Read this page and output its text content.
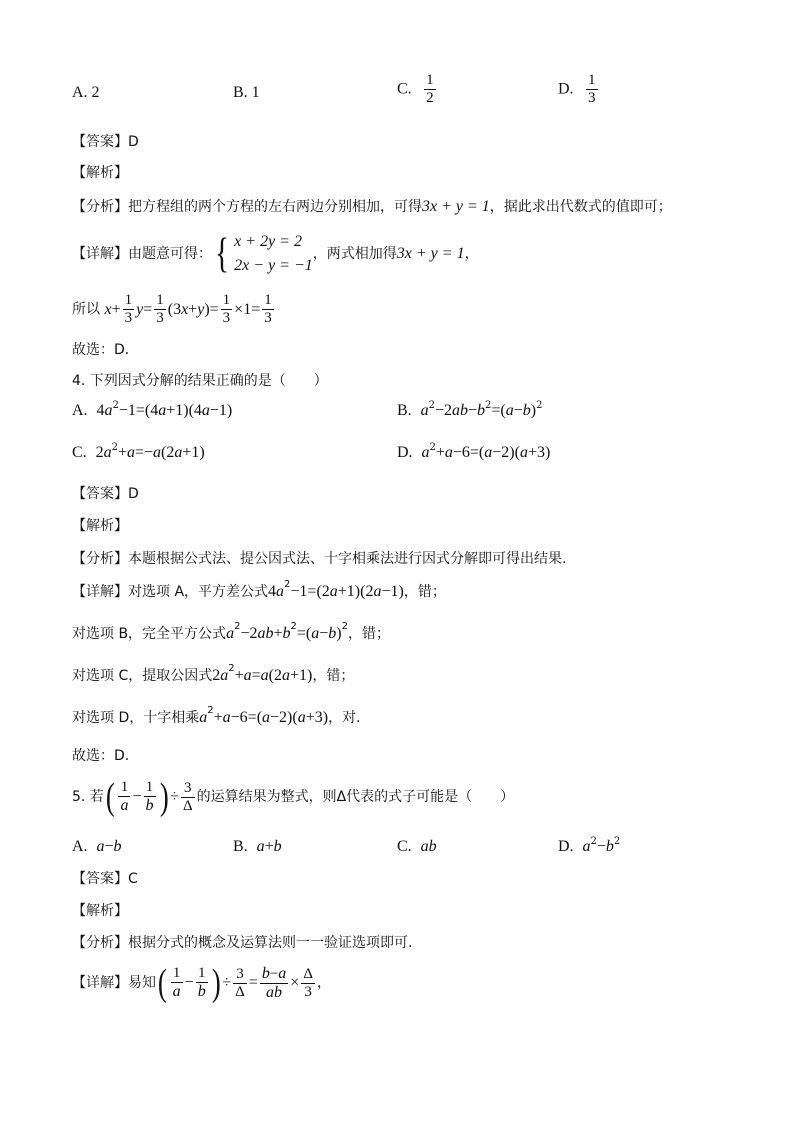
A. 2	B. 1	C. $\frac{1}{2}$	D. $\frac{1}{3}$
【答案】D
【解析】
【分析】把方程组的两个方程的左右两边分别相加，可得3x + y = 1，据此求出代数式的值即可；
【详解】由题意可得：{ x + 2y = 2
2x − y = −1
，两式相加得3x + y = 1，
所以 $x+ \frac{1}{3} y= \frac{1}{3} (3x+y)= \frac{1}{3} \times 1= \frac{1}{3}$
故选：D．
4. 下列因式分解的结果正确的是（　　）
A. $4a^2-1=(4a+1)(4a-1)$	B. $a^2-2ab-b^2=(a-b)^2$
C. $2a^2+a=-a(2a+1)$	D. $a^2+a-6=(a-2)(a+3)$
【答案】D
【解析】
【分析】本题根据公式法、提公因式法、十字相乘法进行因式分解即可得出结果.
【详解】对选项 A，平方差公式$4a^2-1=(2a+1)(2a-1)$，错；
对选项 B，完全平方公式$a^2-2ab+b^2=(a-b)^2$，错；
对选项 C，提取公因式$2a^2+a=a(2a+1)$，错；
对选项 D，十字相乘$a^2+a-6=(a-2)(a+3)$，对.
故选：D.
5. 若( $\frac{1}{a} - \frac{1}{b}$ ) ÷ $\frac{3}{\Delta}$ 的运算结果为整式，则Δ代表的式子可能是（　　）
A. a−b	B. a+b	C. ab	D. $a^2-b^2$
【答案】C
【解析】
【分析】根据分式的概念及运算法则一一验证选项即可.
【详解】易知( $\frac{1}{a} - \frac{1}{b}$ ) ÷ $\frac{3}{\Delta} = \frac{b-a}{ab} \times \frac{\Delta}{3}$ ，
